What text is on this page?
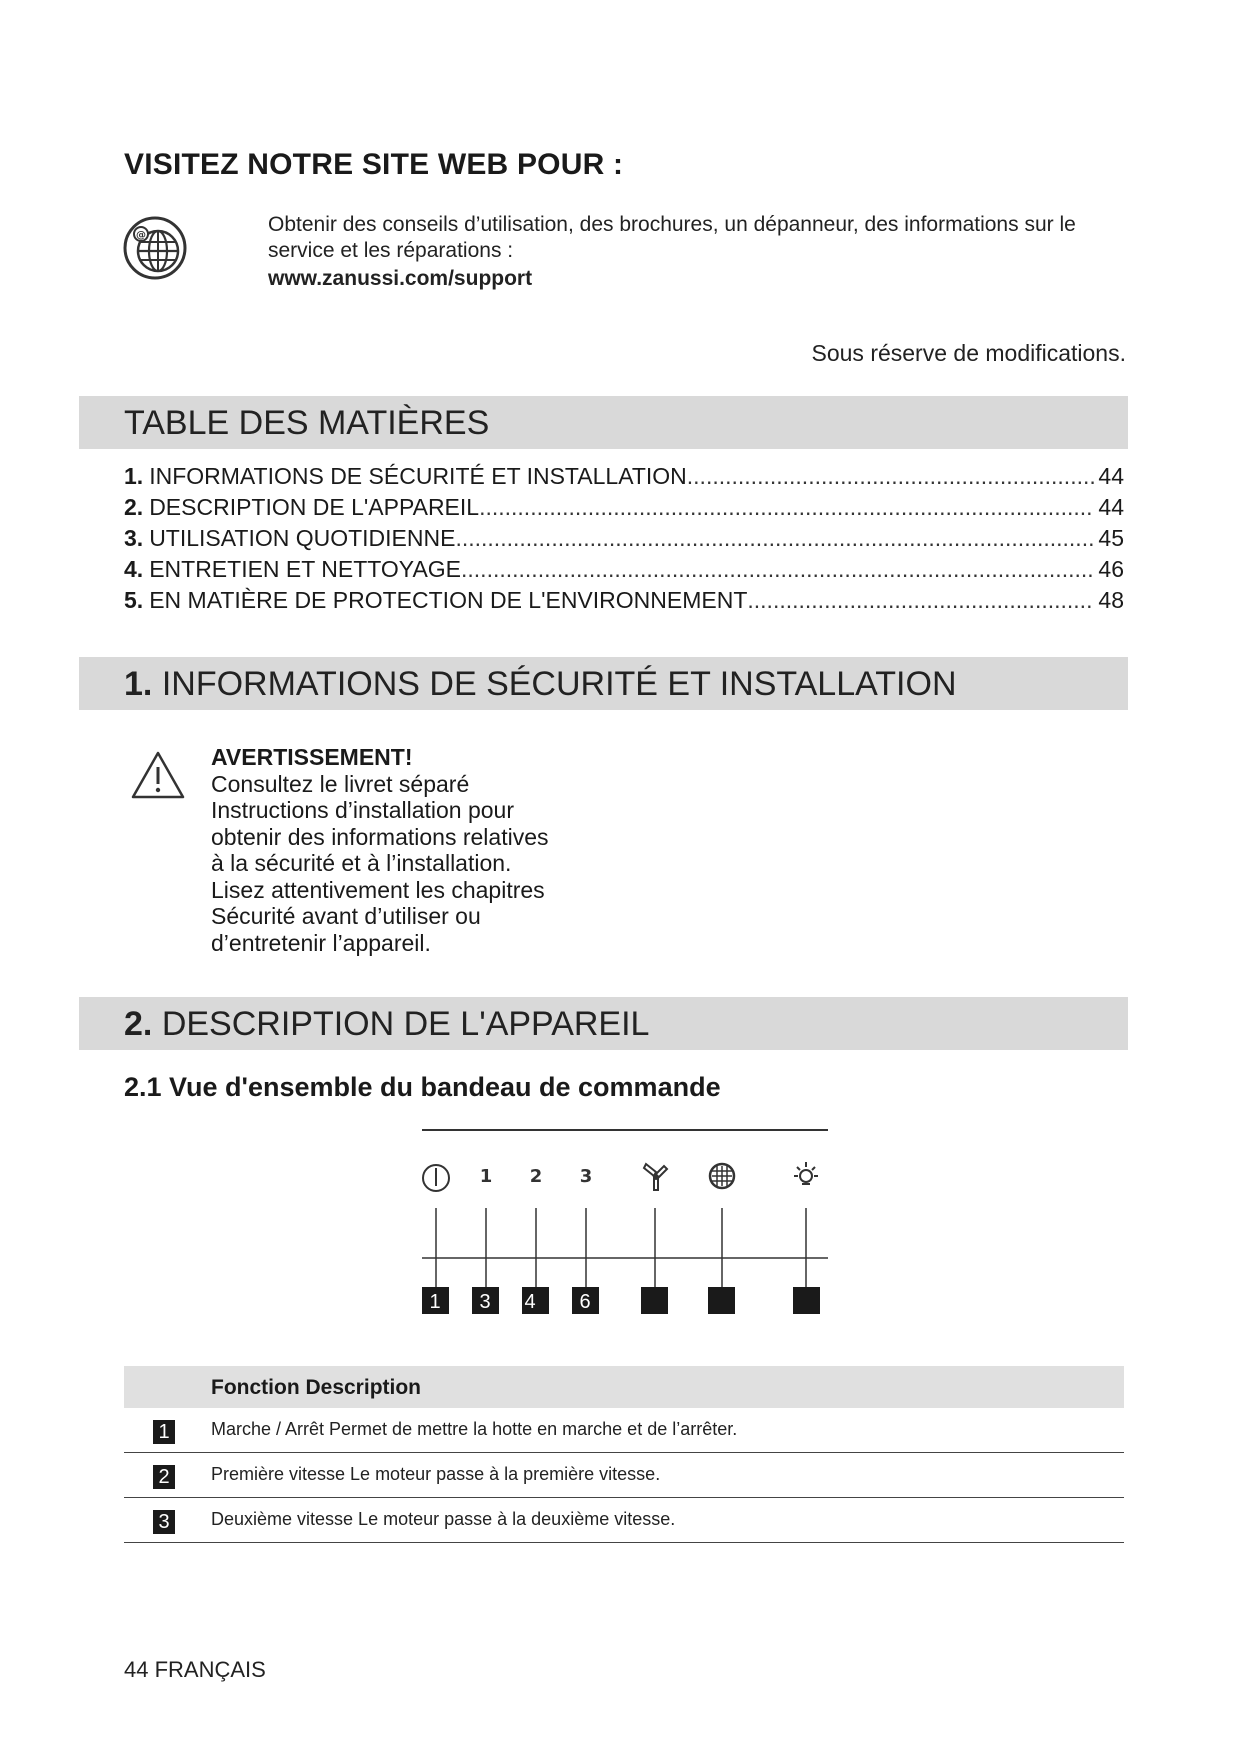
VISITEZ NOTRE SITE WEB POUR :
@	Obtenir des conseils d’utilisation, des brochures, un dépanneur, des informations sur le service et les réparations :
www.zanussi.com/support
Sous réserve de modifications.
TABLE DES MATIÈRES
1. INFORMATIONS DE SÉCURITÉ ET INSTALLATION .....	44
2. DESCRIPTION DE L'APPAREIL .....	44
3. UTILISATION QUOTIDIENNE .....	45
4. ENTRETIEN ET NETTOYAGE .....	46
5. EN MATIÈRE DE PROTECTION DE L'ENVIRONNEMENT .....	48
1. INFORMATIONS DE SÉCURITÉ ET INSTALLATION
AVERTISSEMENT!
Consultez le livret séparé
Instructions d’installation pour
obtenir des informations relatives
à la sécurité et à l’installation.
Lisez attentivement les chapitres
Sécurité avant d’utiliser ou
d’entretenir l’appareil.
2. DESCRIPTION DE L'APPAREIL
2.1 Vue d'ensemble du bandeau de commande
1 2 3
1 3 4 6
Fonction Description
1	Marche / Arrêt Permet de mettre la hotte en marche et de l’arrêter.
2	Première vitesse Le moteur passe à la première vitesse.
3	Deuxième vitesse Le moteur passe à la deuxième vitesse.
44 FRANÇAIS
